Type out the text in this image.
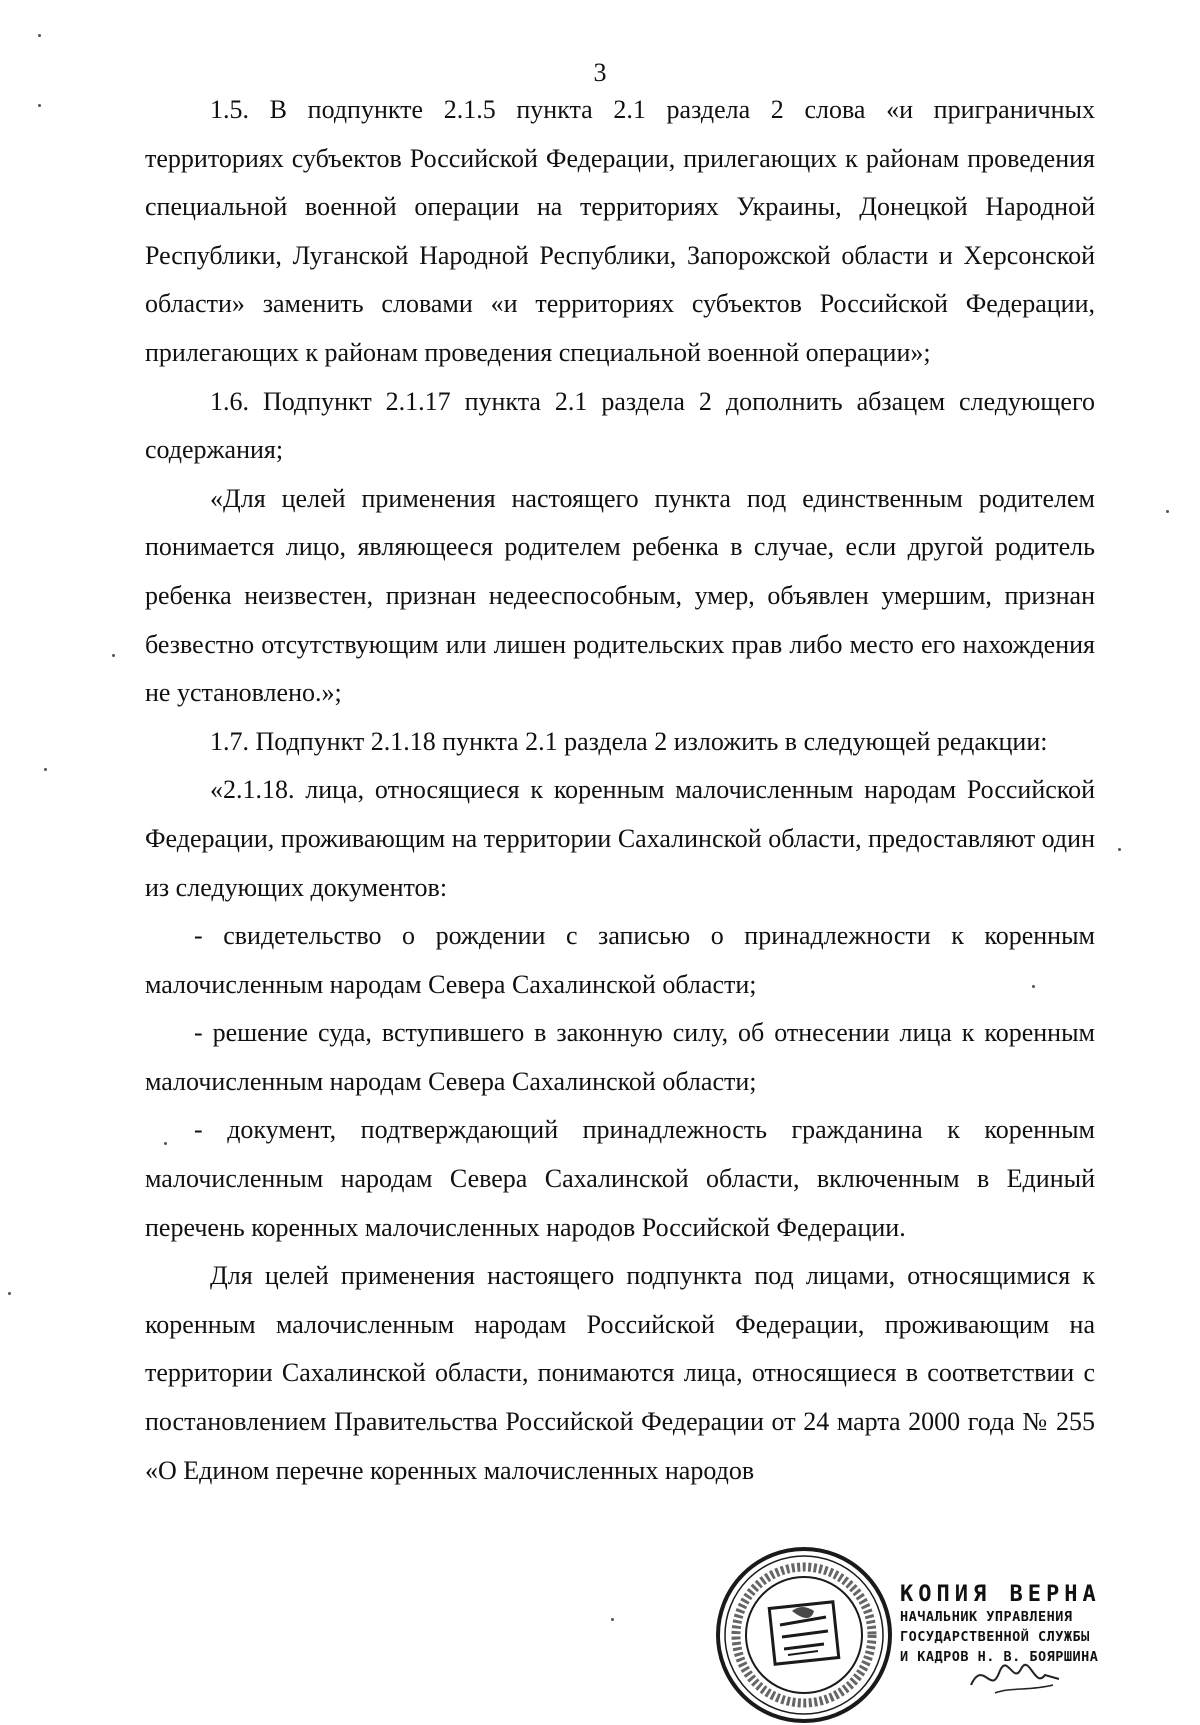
3

1.5. В подпункте 2.1.5 пункта 2.1 раздела 2 слова «и приграничных территориях субъектов Российской Федерации, прилегающих к районам проведения специальной военной операции на территориях Украины, Донецкой Народной Республики, Луганской Народной Республики, Запорожской области и Херсонской области» заменить словами «и территориях субъектов Российской Федерации, прилегающих к районам проведения специальной военной операции»;

1.6. Подпункт 2.1.17 пункта 2.1 раздела 2 дополнить абзацем следующего содержания;

«Для целей применения настоящего пункта под единственным родителем понимается лицо, являющееся родителем ребенка в случае, если другой родитель ребенка неизвестен, признан недееспособным, умер, объявлен умершим, признан безвестно отсутствующим или лишен родительских прав либо место его нахождения не установлено.»;

1.7. Подпункт 2.1.18 пункта 2.1 раздела 2 изложить в следующей редакции:

«2.1.18. лица, относящиеся к коренным малочисленным народам Российской Федерации, проживающим на территории Сахалинской области, предоставляют один из следующих документов:

- свидетельство о рождении с записью о принадлежности к коренным малочисленным народам Севера Сахалинской области;

- решение суда, вступившего в законную силу, об отнесении лица к коренным малочисленным народам Севера Сахалинской области;

- документ, подтверждающий принадлежность гражданина к коренным малочисленным народам Севера Сахалинской области, включенным в Единый перечень коренных малочисленных народов Российской Федерации.

Для целей применения настоящего подпункта под лицами, относящимися к коренным малочисленным народам Российской Федерации, проживающим на территории Сахалинской области, понимаются лица, относящиеся в соответствии с постановлением Правительства Российской Федерации от 24 марта 2000 года № 255 «О Едином перечне коренных малочисленных народов

КОПИЯ ВЕРНА
НАЧАЛЬНИК УПРАВЛЕНИЯ
ГОСУДАРСТВЕННОЙ СЛУЖБЫ
И КАДРОВ Н. В. БОЯРШИНА
